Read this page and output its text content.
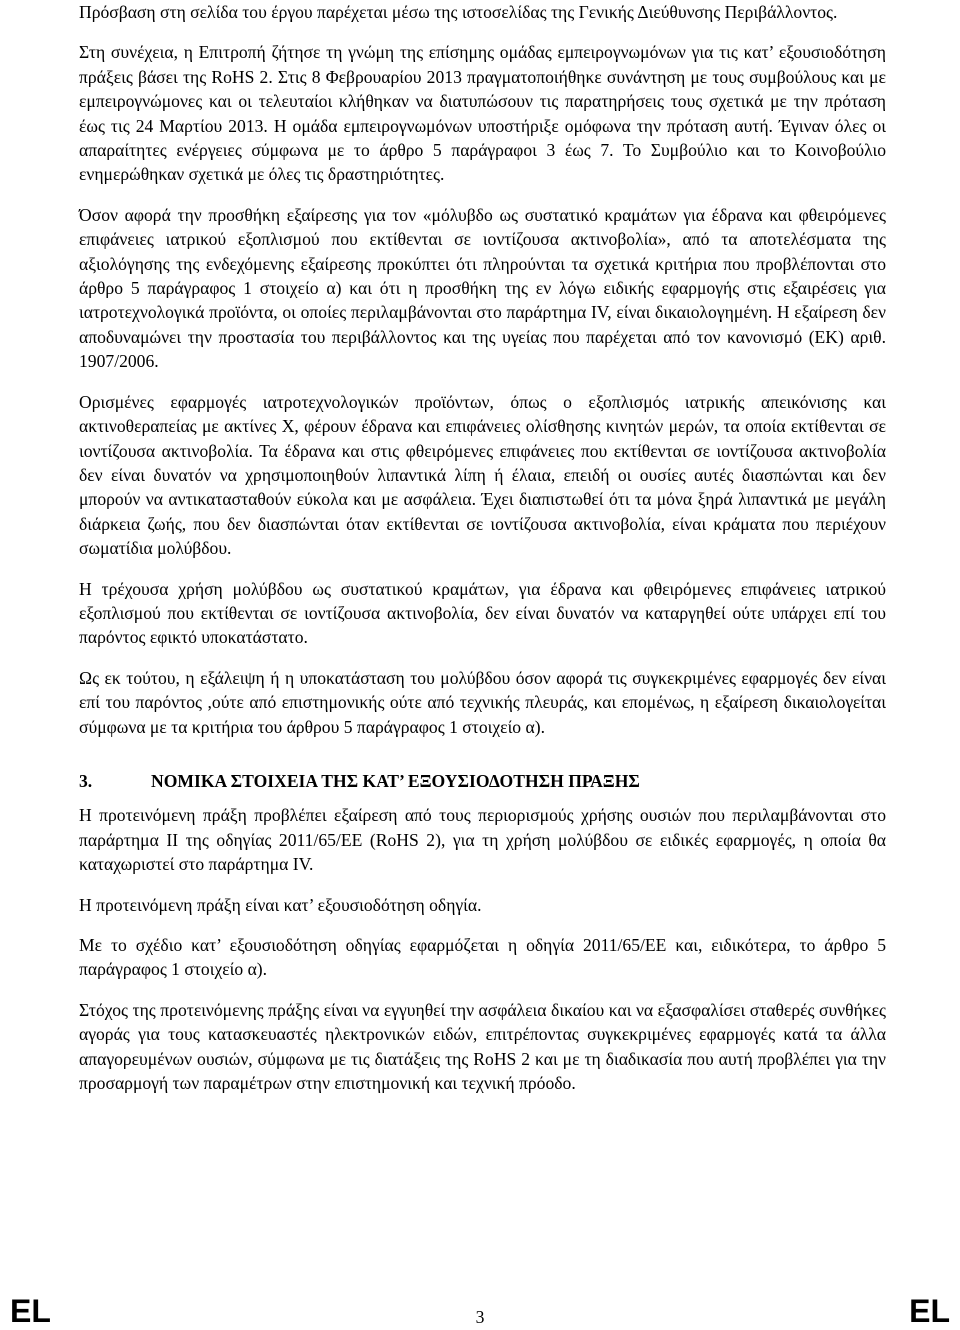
Πρόσβαση στη σελίδα του έργου παρέχεται μέσω της ιστοσελίδας της Γενικής Διεύθυνσης Περιβάλλοντος.

Στη συνέχεια, η Επιτροπή ζήτησε τη γνώμη της επίσημης ομάδας εμπειρογνωμόνων για τις κατ’ εξουσιοδότηση πράξεις βάσει της RoHS 2. Στις 8 Φεβρουαρίου 2013 πραγματοποιήθηκε συνάντηση με τους συμβούλους και με εμπειρογνώμονες και οι τελευταίοι κλήθηκαν να διατυπώσουν τις παρατηρήσεις τους σχετικά με την πρόταση έως τις 24 Μαρτίου 2013. Η ομάδα εμπειρογνωμόνων υποστήριξε ομόφωνα την πρόταση αυτή. Έγιναν όλες οι απαραίτητες ενέργειες σύμφωνα με το άρθρο 5 παράγραφοι 3 έως 7. Το Συμβούλιο και το Κοινοβούλιο ενημερώθηκαν σχετικά με όλες τις δραστηριότητες.

Όσον αφορά την προσθήκη εξαίρεσης για τον «μόλυβδο ως συστατικό κραμάτων για έδρανα και φθειρόμενες επιφάνειες ιατρικού εξοπλισμού που εκτίθενται σε ιοντίζουσα ακτινοβολία», από τα αποτελέσματα της αξιολόγησης της ενδεχόμενης εξαίρεσης προκύπτει ότι πληρούνται τα σχετικά κριτήρια που προβλέπονται στο άρθρο 5 παράγραφος 1 στοιχείο α) και ότι η προσθήκη της εν λόγω ειδικής εφαρμογής στις εξαιρέσεις για ιατροτεχνολογικά προϊόντα, οι οποίες περιλαμβάνονται στο παράρτημα IV, είναι δικαιολογημένη. Η εξαίρεση δεν αποδυναμώνει την προστασία του περιβάλλοντος και της υγείας που παρέχεται από τον κανονισμό (ΕΚ) αριθ. 1907/2006.

Ορισμένες εφαρμογές ιατροτεχνολογικών προϊόντων, όπως ο εξοπλισμός ιατρικής απεικόνισης και ακτινοθεραπείας με ακτίνες X, φέρουν έδρανα και επιφάνειες ολίσθησης κινητών μερών, τα οποία εκτίθενται σε ιοντίζουσα ακτινοβολία. Τα έδρανα και στις φθειρόμενες επιφάνειες που εκτίθενται σε ιοντίζουσα ακτινοβολία δεν είναι δυνατόν να χρησιμοποιηθούν λιπαντικά λίπη ή έλαια, επειδή οι ουσίες αυτές διασπώνται και δεν μπορούν να αντικατασταθούν εύκολα και με ασφάλεια. Έχει διαπιστωθεί ότι τα μόνα ξηρά λιπαντικά με μεγάλη διάρκεια ζωής, που δεν διασπώνται όταν εκτίθενται σε ιοντίζουσα ακτινοβολία, είναι κράματα που περιέχουν σωματίδια μολύβδου.

Η τρέχουσα χρήση μολύβδου ως συστατικού κραμάτων, για έδρανα και φθειρόμενες επιφάνειες ιατρικού εξοπλισμού που εκτίθενται σε ιοντίζουσα ακτινοβολία, δεν είναι δυνατόν να καταργηθεί ούτε υπάρχει επί του παρόντος εφικτό υποκατάστατο.

Ως εκ τούτου, η εξάλειψη ή η υποκατάσταση του μολύβδου όσον αφορά τις συγκεκριμένες εφαρμογές δεν είναι επί του παρόντος ,ούτε από επιστημονικής ούτε από τεχνικής πλευράς, και επομένως, η εξαίρεση δικαιολογείται σύμφωνα με τα κριτήρια του άρθρου 5 παράγραφος 1 στοιχείο α).

3.	ΝΟΜΙΚΑ ΣΤΟΙΧΕΙΑ ΤΗΣ ΚΑΤ’ ΕΞΟΥΣΙΟΔΟΤΗΣΗ ΠΡΑΞΗΣ

Η προτεινόμενη πράξη προβλέπει εξαίρεση από τους περιορισμούς χρήσης ουσιών που περιλαμβάνονται στο παράρτημα II της οδηγίας 2011/65/ΕΕ (RoHS 2), για τη χρήση μολύβδου σε ειδικές εφαρμογές, η οποία θα καταχωριστεί στο παράρτημα IV.

Η προτεινόμενη πράξη είναι κατ’ εξουσιοδότηση οδηγία.

Με το σχέδιο κατ’ εξουσιοδότηση οδηγίας εφαρμόζεται η οδηγία 2011/65/ΕΕ και, ειδικότερα, το άρθρο 5 παράγραφος 1 στοιχείο α).

Στόχος της προτεινόμενης πράξης είναι να εγγυηθεί την ασφάλεια δικαίου και να εξασφαλίσει σταθερές συνθήκες αγοράς για τους κατασκευαστές ηλεκτρονικών ειδών, επιτρέποντας συγκεκριμένες εφαρμογές κατά τα άλλα απαγορευμένων ουσιών, σύμφωνα με τις διατάξεις της RoHS 2 και με τη διαδικασία που αυτή προβλέπει για την προσαρμογή των παραμέτρων στην επιστημονική και τεχνική πρόοδο.

EL	3	EL
